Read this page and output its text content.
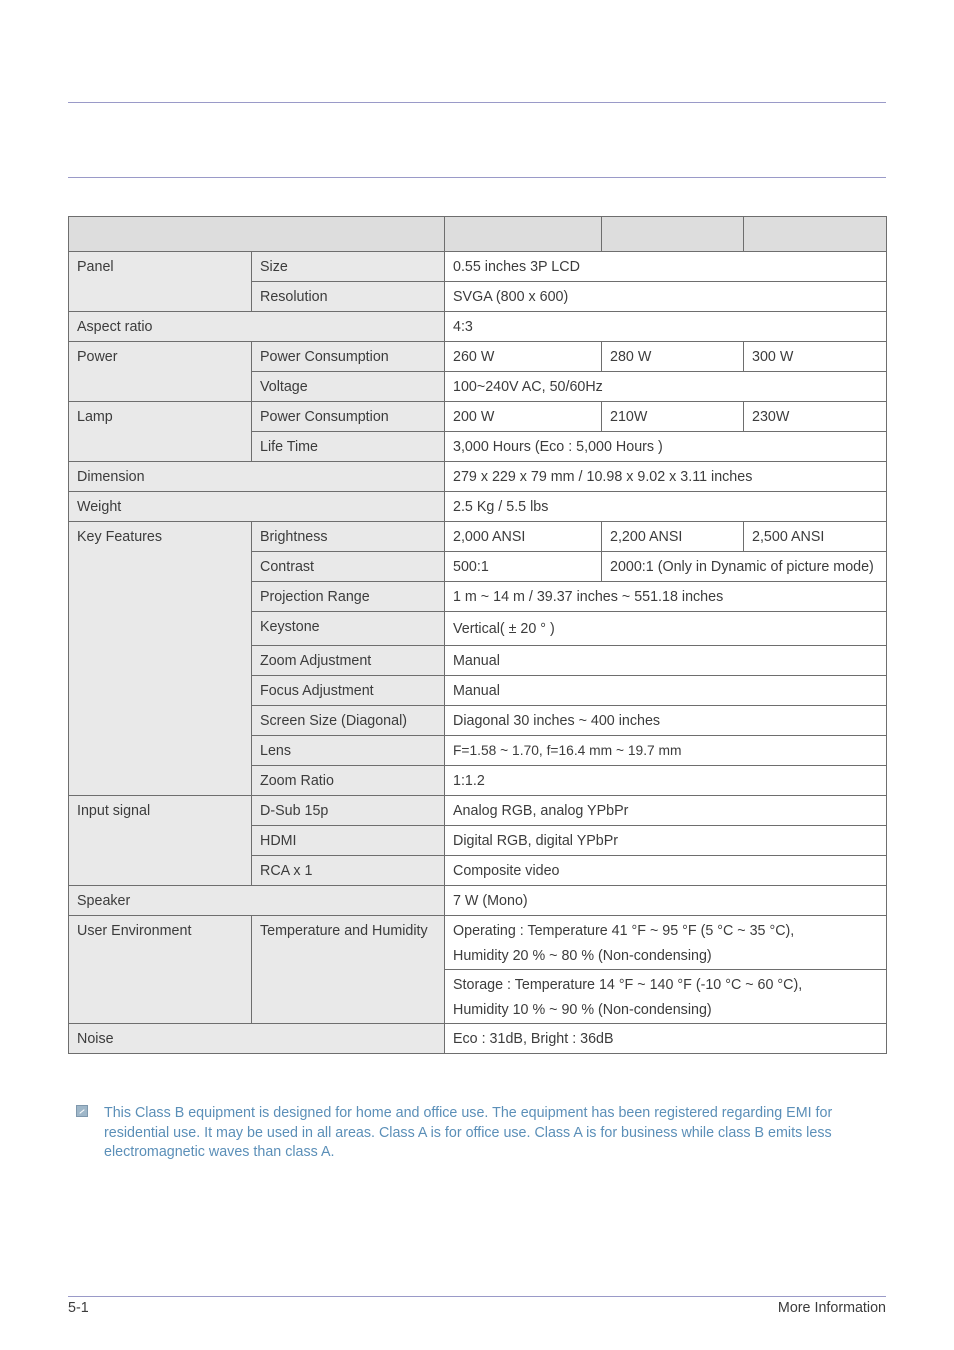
Panel	Size	0.55 inches 3P LCD		
	Resolution	SVGA (800 x 600)		
Aspect ratio		4:3		
Power	Power Consumption	260 W	280 W	300 W
	Voltage	100~240V AC, 50/60Hz		
Lamp	Power Consumption	200 W	210W	230W
	Life Time	3,000 Hours (Eco : 5,000 Hours )		
Dimension		279 x 229 x 79 mm / 10.98 x 9.02 x 3.11 inches		
Weight		2.5 Kg / 5.5 lbs		
Key Features	Brightness	2,000 ANSI	2,200 ANSI	2,500 ANSI
	Contrast	500:1	2000:1 (Only in Dynamic of picture mode)	
	Projection Range	1 m ~ 14 m / 39.37 inches ~ 551.18 inches		
	Keystone	Vertical( ± 20 ° )		
	Zoom Adjustment	Manual		
	Focus Adjustment	Manual		
	Screen Size (Diagonal)	Diagonal 30 inches ~ 400 inches		
	Lens	F=1.58 ~ 1.70, f=16.4 mm ~ 19.7 mm		
	Zoom Ratio	1:1.2		
Input signal	D-Sub 15p	Analog RGB, analog YPbPr		
	HDMI	Digital RGB, digital YPbPr		
	RCA x 1	Composite video		
Speaker		7 W (Mono)		
User Environment	Temperature and Humidity	Operating : Temperature 41 °F ~ 95 °F (5 °C ~ 35 °C),
Humidity 20 % ~ 80 % (Non-condensing)		

		Storage : Temperature 14 °F ~ 140 °F (-10 °C ~ 60 °C),
Humidity 10 % ~ 90 % (Non-condensing)		

Noise		Eco : 31dB, Bright : 36dB		
This Class B equipment is designed for home and office use. The equipment has been registered regarding EMI for residential use. It may be used in all areas. Class A is for office use. Class A is for business while class B emits less electromagnetic waves than class A.
5-1	More Information
